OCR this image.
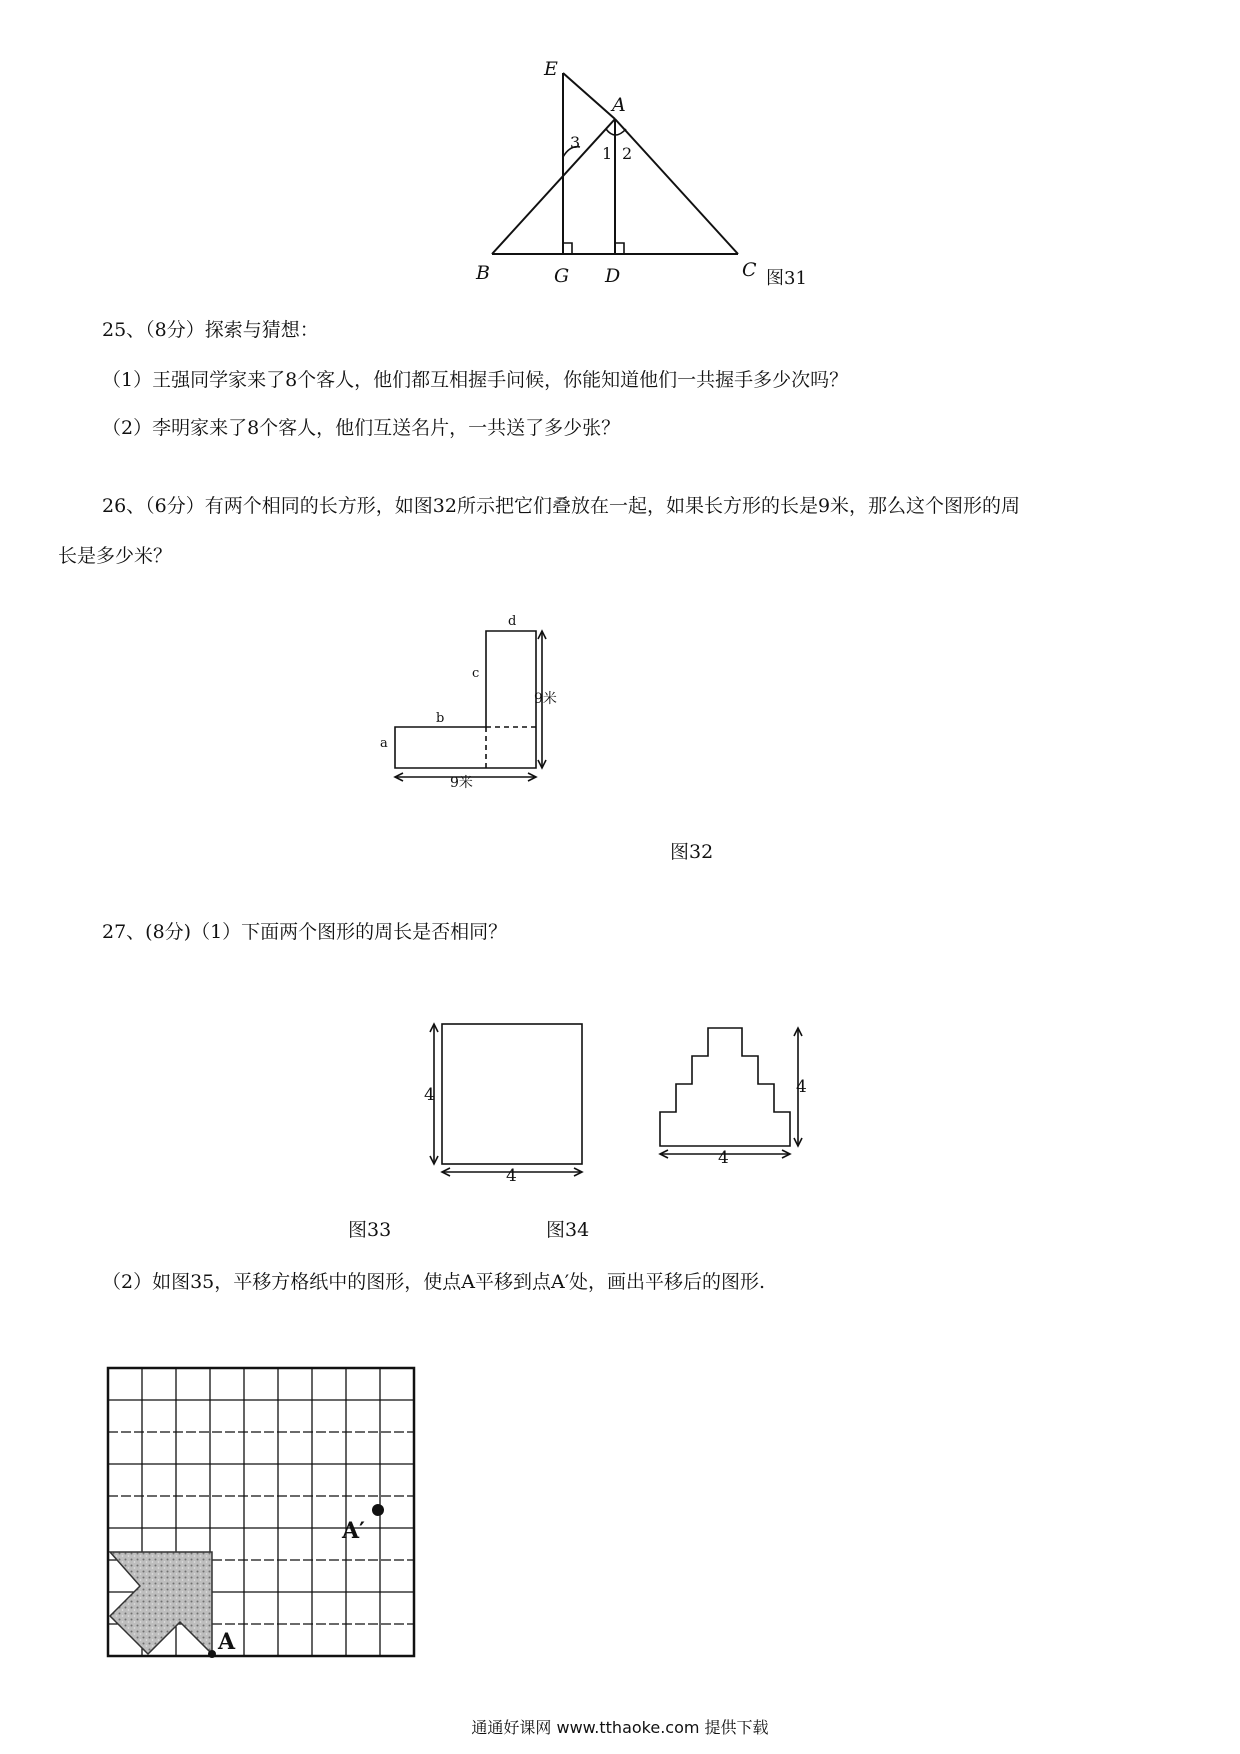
E
A
B	G D	C
3
1 2
图31
25、（8分）探索与猜想：
（1）王强同学家来了8个客人，他们都互相握手问候，你能知道他们一共握手多少次吗？
（2）李明家来了8个客人，他们互送名片，一共送了多少张？
26、（6分）有两个相同的长方形，如图32所示把它们叠放在一起，如果长方形的长是9米，那么这个图形的周
长是多少米？
d
c
b
a
9米
9米
图32
27、(8分)（1）下面两个图形的周长是否相同？
4
4
4
4
图33	图34
（2）如图35，平移方格纸中的图形，使点A平移到点A′处，画出平移后的图形.
A
A′
通通好课网 www.tthaoke.com 提供下载
